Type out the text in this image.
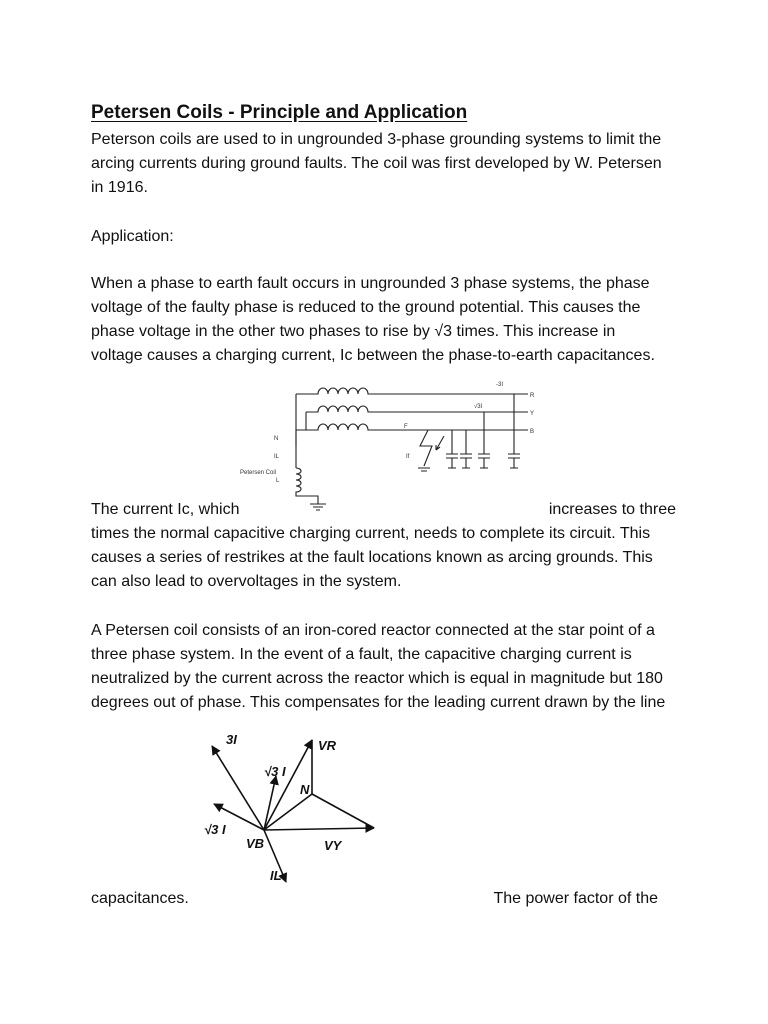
Petersen Coils - Principle and Application

Peterson coils are used to in ungrounded 3-phase grounding systems to limit the
arcing currents during ground faults. The coil was first developed by W. Petersen
in 1916.

Application:

When a phase to earth fault occurs in ungrounded 3 phase systems, the phase
voltage of the faulty phase is reduced to the ground potential. This causes the
phase voltage in the other two phases to rise by √3 times. This increase in
voltage causes a charging current, Ic between the phase-to-earth capacitances.

R
Y
B
-3I
√3I
F
N
IL	If
Petersen Coil
L

The current Ic, which	increases to three

times the normal capacitive charging current, needs to complete its circuit. This
causes a series of restrikes at the fault locations known as arcing grounds. This
can also lead to overvoltages in the system.

A Petersen coil consists of an iron-cored reactor connected at the star point of a
three phase system. In the event of a fault, the capacitive charging current is
neutralized by the current across the reactor which is equal in magnitude but 180
degrees out of phase. This compensates for the leading current drawn by the line

3I	VR
√3 I
N
√3 I
VB	VY
IL

capacitances.	The power factor of the
